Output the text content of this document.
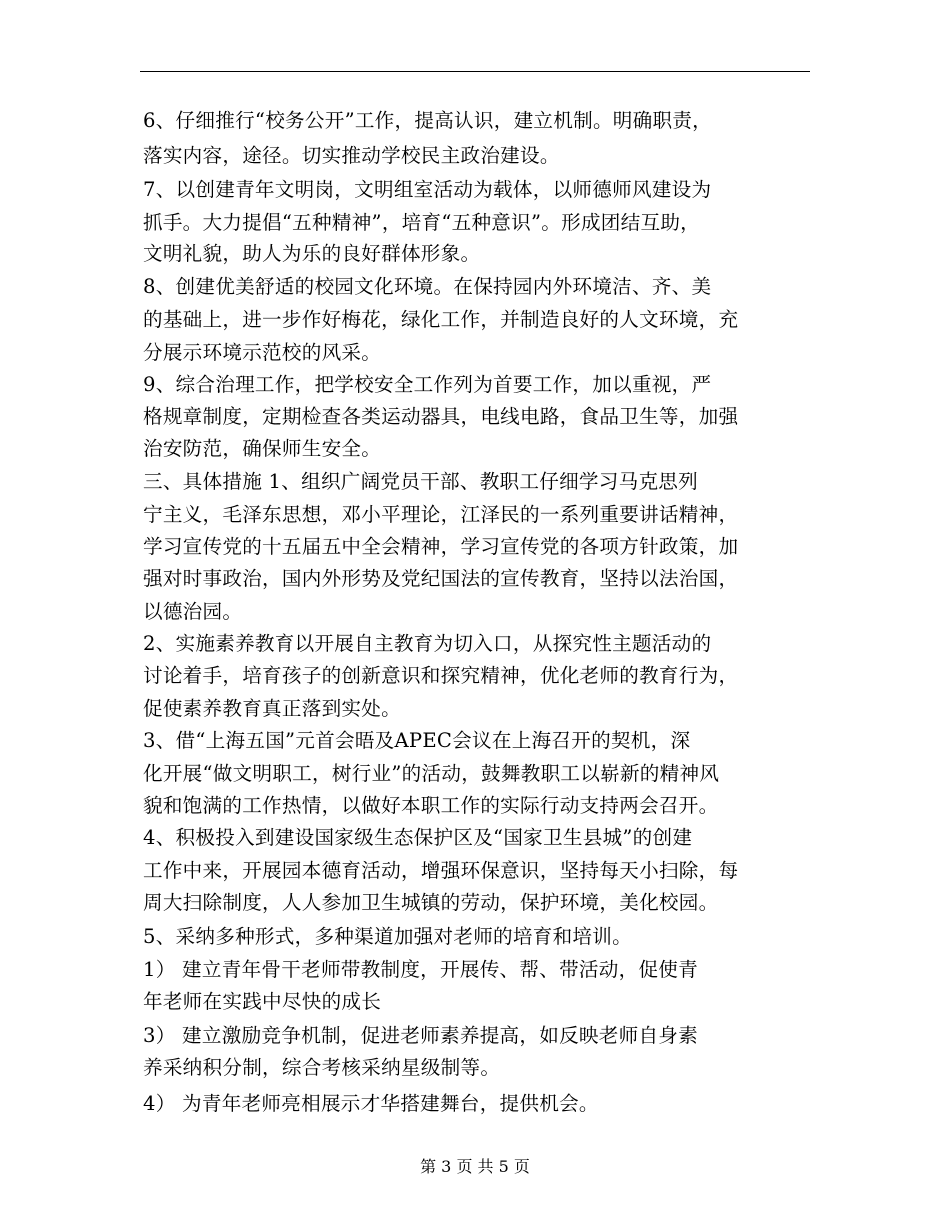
6、仔细推行“校务公开”工作，提高认识，建立机制。明确职责，
落实内容，途径。切实推动学校民主政治建设。
7、以创建青年文明岗，文明组室活动为载体，以师德师风建设为
抓手。大力提倡“五种精神”，培育“五种意识”。形成团结互助，
文明礼貌，助人为乐的良好群体形象。
8、创建优美舒适的校园文化环境。在保持园内外环境洁、齐、美
的基础上，进一步作好梅花，绿化工作，并制造良好的人文环境，充
分展示环境示范校的风采。
9、综合治理工作，把学校安全工作列为首要工作，加以重视，严
格规章制度，定期检查各类运动器具，电线电路，食品卫生等，加强
治安防范，确保师生安全。
三、具体措施 1、组织广阔党员干部、教职工仔细学习马克思列
宁主义，毛泽东思想，邓小平理论，江泽民的一系列重要讲话精神，
学习宣传党的十五届五中全会精神，学习宣传党的各项方针政策，加
强对时事政治，国内外形势及党纪国法的宣传教育，坚持以法治国，
以德治园。
2、实施素养教育以开展自主教育为切入口，从探究性主题活动的
讨论着手，培育孩子的创新意识和探究精神，优化老师的教育行为，
促使素养教育真正落到实处。
3、借“上海五国”元首会晤及APEC会议在上海召开的契机，深
化开展“做文明职工，树行业”的活动，鼓舞教职工以崭新的精神风
貌和饱满的工作热情，以做好本职工作的实际行动支持两会召开。
4、积极投入到建设国家级生态保护区及“国家卫生县城”的创建
工作中来，开展园本德育活动，增强环保意识，坚持每天小扫除，每
周大扫除制度，人人参加卫生城镇的劳动，保护环境，美化校园。
5、采纳多种形式，多种渠道加强对老师的培育和培训。
1） 建立青年骨干老师带教制度，开展传、帮、带活动，促使青
年老师在实践中尽快的成长
3） 建立激励竞争机制，促进老师素养提高，如反映老师自身素
养采纳积分制，综合考核采纳星级制等。
4） 为青年老师亮相展示才华搭建舞台，提供机会。
第 3 页 共 5 页
